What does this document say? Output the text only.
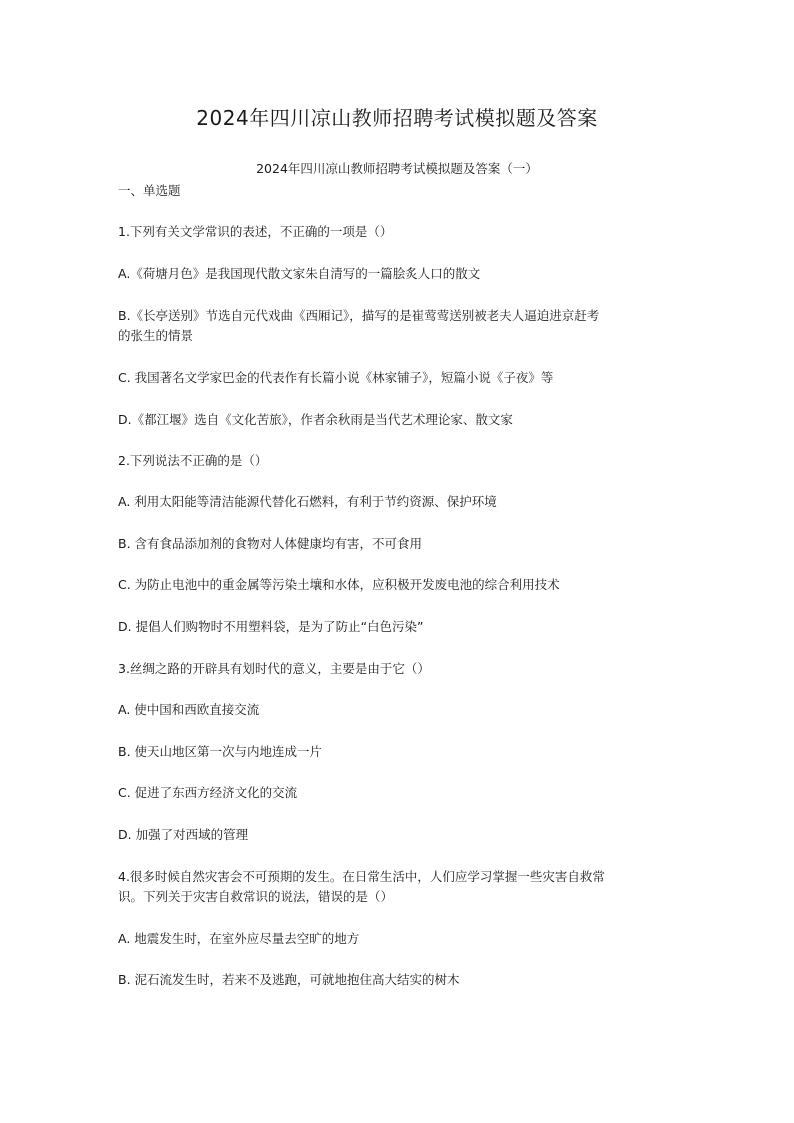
2024年四川凉山教师招聘考试模拟题及答案
2024年四川凉山教师招聘考试模拟题及答案（一）

一、单选题

1.下列有关文学常识的表述，不正确的一项是（）

A.《荷塘月色》是我国现代散文家朱自清写的一篇脍炙人口的散文

B.《长亭送别》节选自元代戏曲《西厢记》，描写的是崔莺莺送别被老夫人逼迫进京赶考

的张生的情景

C. 我国著名文学家巴金的代表作有长篇小说《林家铺子》，短篇小说《子夜》等

D.《都江堰》选自《文化苦旅》，作者余秋雨是当代艺术理论家、散文家

2.下列说法不正确的是（）

A. 利用太阳能等清洁能源代替化石燃料，有利于节约资源、保护环境

B. 含有食品添加剂的食物对人体健康均有害，不可食用

C. 为防止电池中的重金属等污染土壤和水体，应积极开发废电池的综合利用技术

D. 提倡人们购物时不用塑料袋，是为了防止“白色污染”

3.丝绸之路的开辟具有划时代的意义，主要是由于它（）

A. 使中国和西欧直接交流

B. 使天山地区第一次与内地连成一片

C. 促进了东西方经济文化的交流

D. 加强了对西域的管理

4.很多时候自然灾害会不可预期的发生。在日常生活中，人们应学习掌握一些灾害自救常

识。下列关于灾害自救常识的说法，错误的是（）

A. 地震发生时，在室外应尽量去空旷的地方

B. 泥石流发生时，若来不及逃跑，可就地抱住高大结实的树木
